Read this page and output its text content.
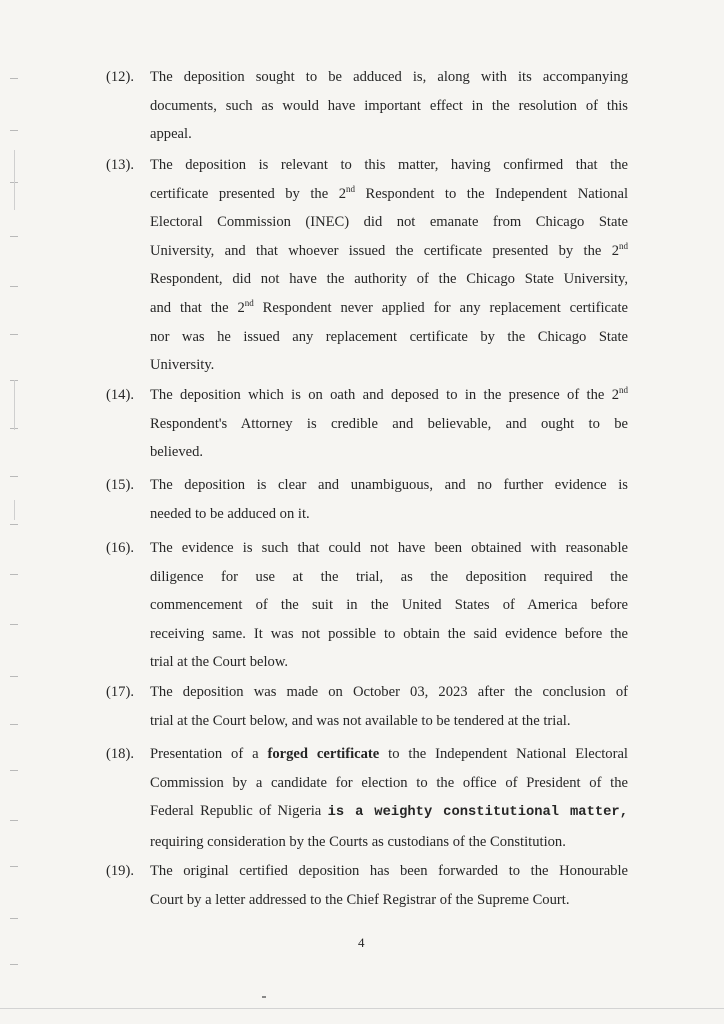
(12). The deposition sought to be adduced is, along with its accompanying
documents, such as would have important effect in the resolution of this
appeal.
(13). The deposition is relevant to this matter, having confirmed that the
certificate presented by the 2nd Respondent to the Independent National
Electoral Commission (INEC) did not emanate from Chicago State
University, and that whoever issued the certificate presented by the 2nd
Respondent, did not have the authority of the Chicago State University,
and that the 2nd Respondent never applied for any replacement certificate
nor was he issued any replacement certificate by the Chicago State
University.
(14). The deposition which is on oath and deposed to in the presence of the 2nd
Respondent's Attorney is credible and believable, and ought to be
believed.
(15). The deposition is clear and unambiguous, and no further evidence is
needed to be adduced on it.
(16). The evidence is such that could not have been obtained with reasonable
diligence for use at the trial, as the deposition required the
commencement of the suit in the United States of America before
receiving same. It was not possible to obtain the said evidence before the
trial at the Court below.
(17). The deposition was made on October 03, 2023 after the conclusion of
trial at the Court below, and was not available to be tendered at the trial.
(18). Presentation of a forged certificate to the Independent National Electoral
Commission by a candidate for election to the office of President of the
Federal Republic of Nigeria is a weighty constitutional matter,
requiring consideration by the Courts as custodians of the Constitution.
(19). The original certified deposition has been forwarded to the Honourable
Court by a letter addressed to the Chief Registrar of the Supreme Court.
4
